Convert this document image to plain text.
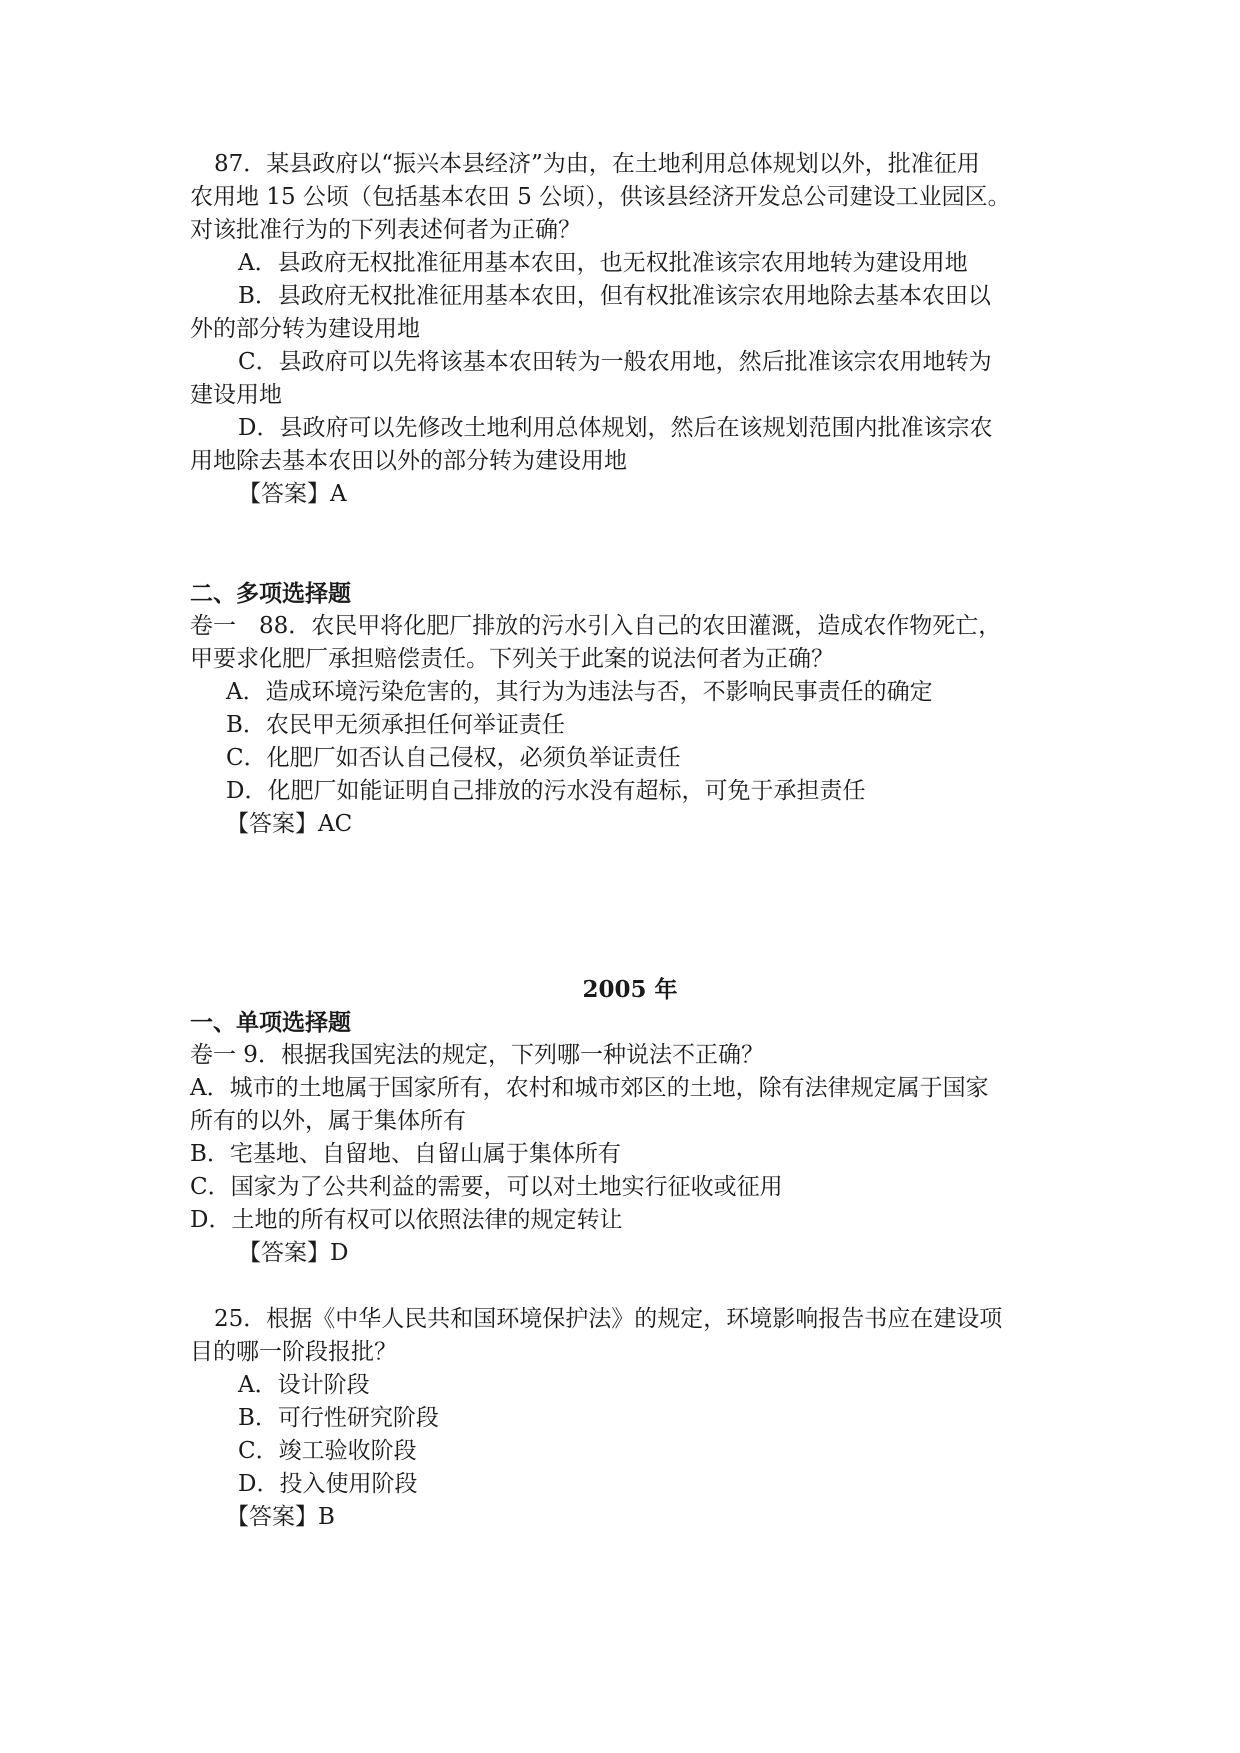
87．某县政府以“振兴本县经济”为由，在土地利用总体规划以外，批准征用
农用地 15 公顷（包括基本农田 5 公顷），供该县经济开发总公司建设工业园区。
对该批准行为的下列表述何者为正确？
A．县政府无权批准征用基本农田，也无权批准该宗农用地转为建设用地
B．县政府无权批准征用基本农田，但有权批准该宗农用地除去基本农田以
外的部分转为建设用地
C．县政府可以先将该基本农田转为一般农用地，然后批准该宗农用地转为
建设用地
D．县政府可以先修改土地利用总体规划，然后在该规划范围内批准该宗农
用地除去基本农田以外的部分转为建设用地
【答案】A
二、多项选择题
卷一　88．农民甲将化肥厂排放的污水引入自己的农田灌溉，造成农作物死亡，
甲要求化肥厂承担赔偿责任。下列关于此案的说法何者为正确？
A．造成环境污染危害的，其行为为违法与否，不影响民事责任的确定
B．农民甲无须承担任何举证责任
C．化肥厂如否认自己侵权，必须负举证责任
D．化肥厂如能证明自己排放的污水没有超标，可免于承担责任
【答案】AC
2005 年
一、单项选择题
卷一 9．根据我国宪法的规定，下列哪一种说法不正确？
A．城市的土地属于国家所有，农村和城市郊区的土地，除有法律规定属于国家
所有的以外，属于集体所有
B．宅基地、自留地、自留山属于集体所有
C．国家为了公共利益的需要，可以对土地实行征收或征用
D．土地的所有权可以依照法律的规定转让
【答案】D
25．根据《中华人民共和国环境保护法》的规定，环境影响报告书应在建设项
目的哪一阶段报批？
A．设计阶段
B．可行性研究阶段
C．竣工验收阶段
D．投入使用阶段
【答案】B
